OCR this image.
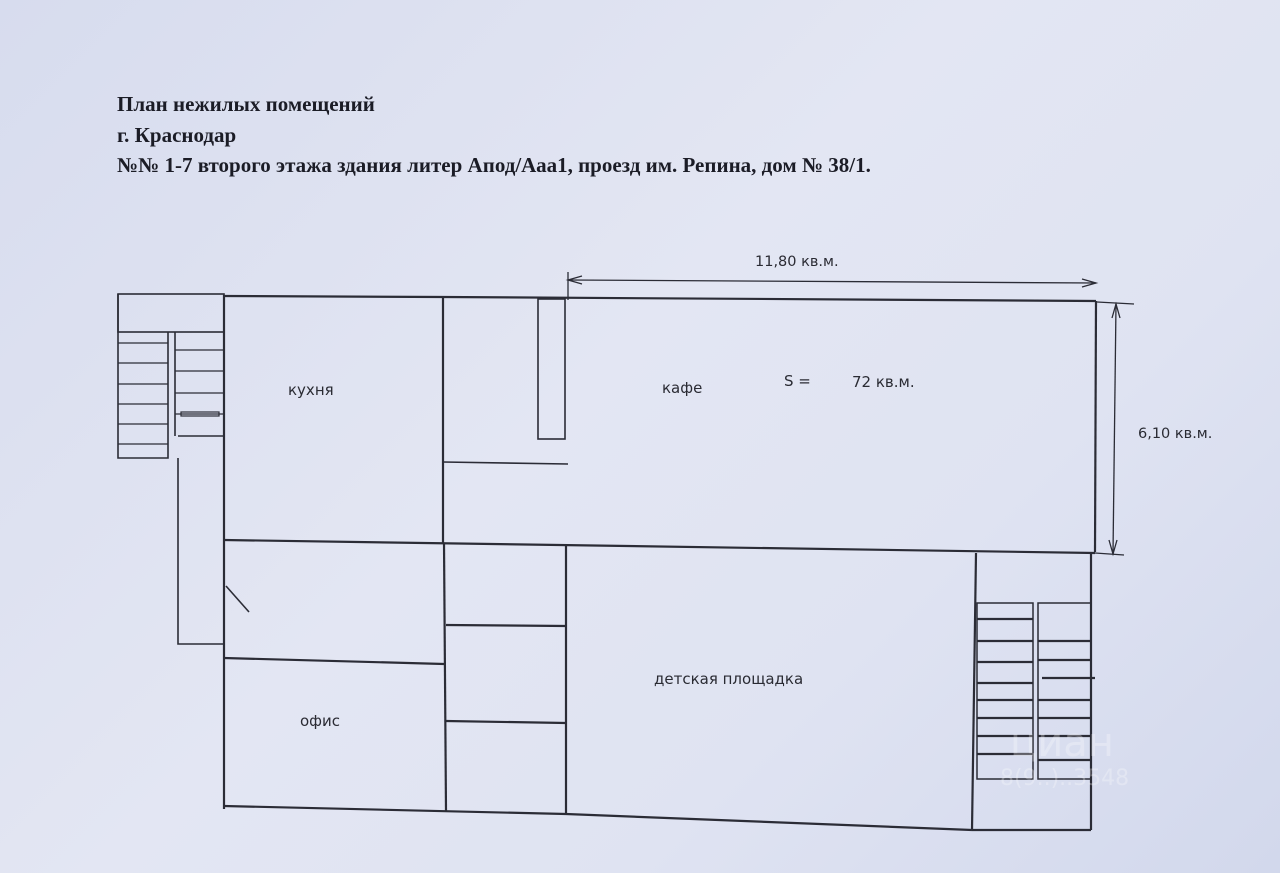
План нежилых помещений
г. Краснодар
№№ 1-7 второго этажа здания литер Апод/Ааа1, проезд им. Репина, дом № 38/1.
кухня	кафе	S =	72 кв.м.
офис
детская площадка
11,80 кв.м.
6,10 кв.м.
циан
8(9..)..3548
